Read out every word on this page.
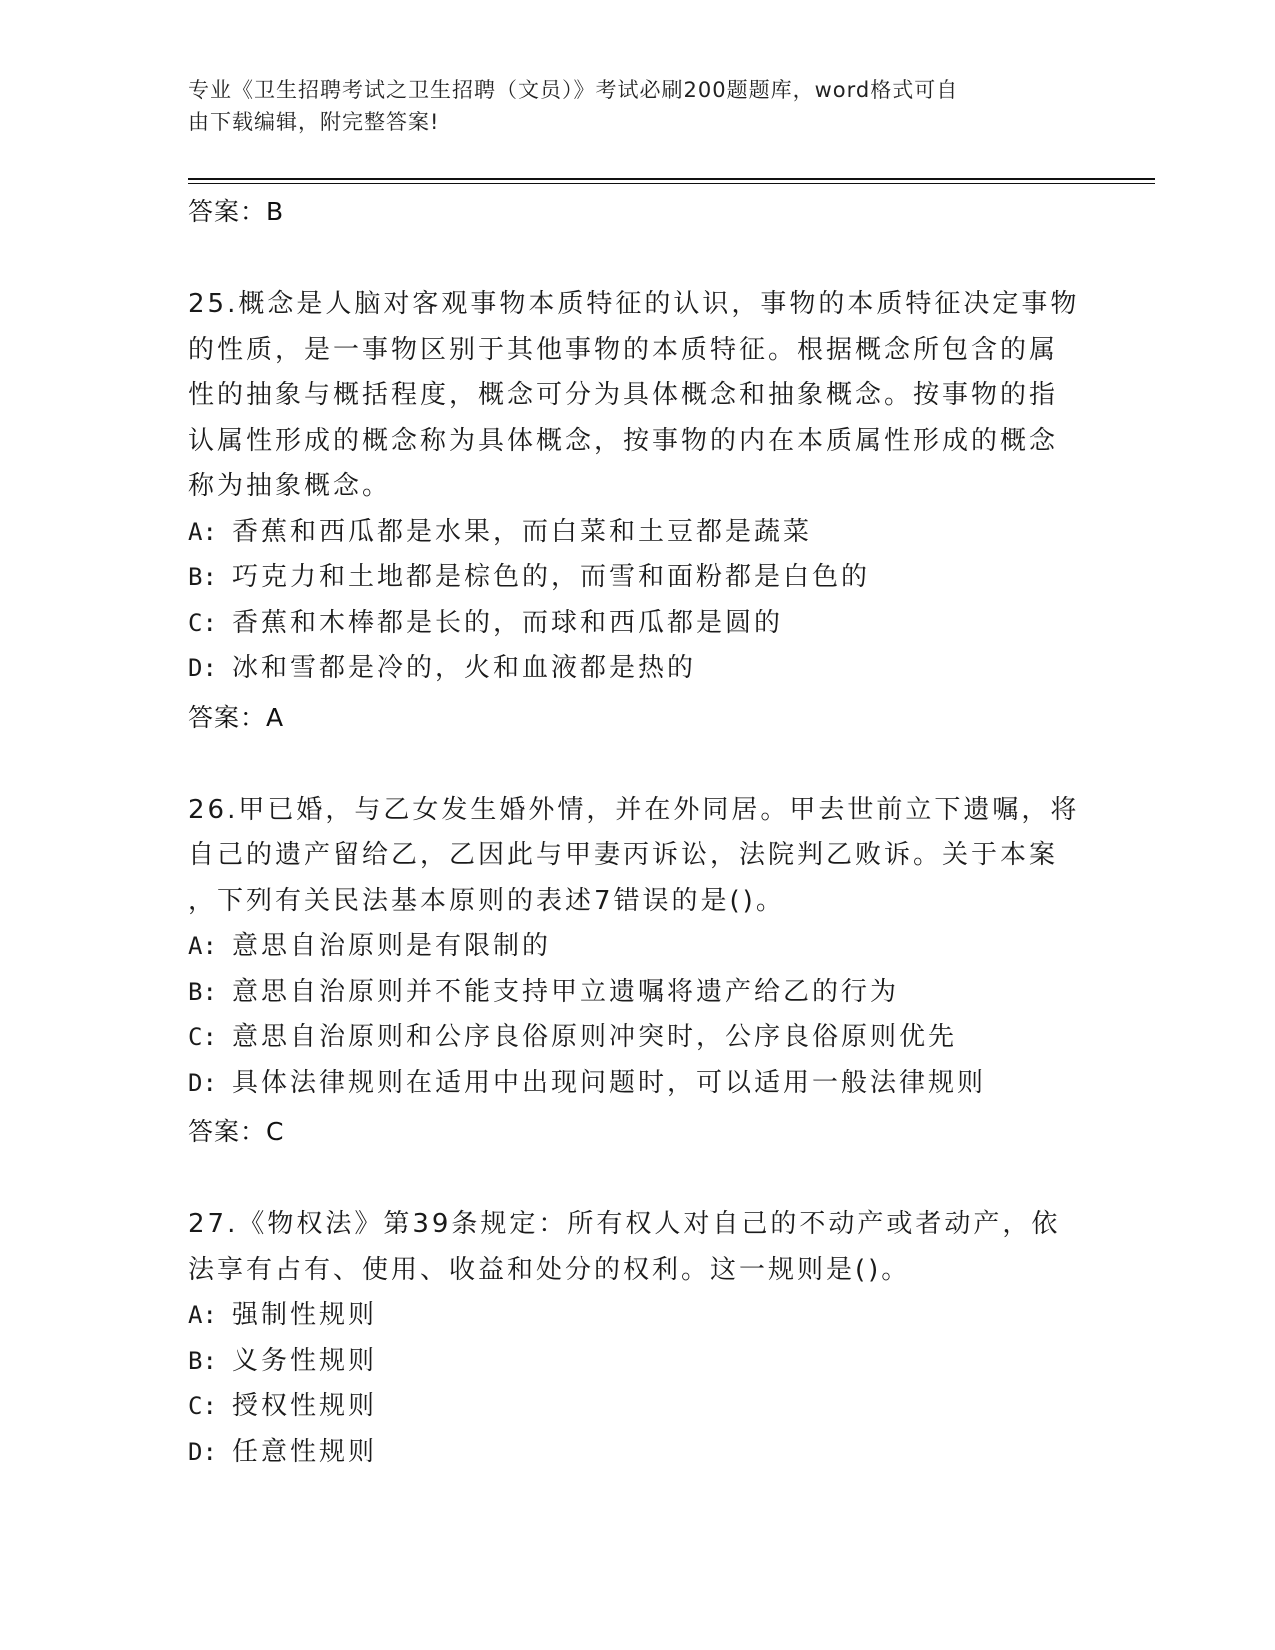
专业《卫生招聘考试之卫生招聘（文员）》考试必刷200题题库，word格式可自
由下载编辑，附完整答案!
答案：B
25.概念是人脑对客观事物本质特征的认识，事物的本质特征决定事物
的性质，是一事物区别于其他事物的本质特征。根据概念所包含的属
性的抽象与概括程度，概念可分为具体概念和抽象概念。按事物的指
认属性形成的概念称为具体概念，按事物的内在本质属性形成的概念
称为抽象概念。
A: 香蕉和西瓜都是水果，而白菜和土豆都是蔬菜
B: 巧克力和土地都是棕色的，而雪和面粉都是白色的
C: 香蕉和木棒都是长的，而球和西瓜都是圆的
D: 冰和雪都是冷的，火和血液都是热的
答案：A
26.甲已婚，与乙女发生婚外情，并在外同居。甲去世前立下遗嘱，将
自己的遗产留给乙，乙因此与甲妻丙诉讼，法院判乙败诉。关于本案
，下列有关民法基本原则的表述7错误的是()。
A: 意思自治原则是有限制的
B: 意思自治原则并不能支持甲立遗嘱将遗产给乙的行为
C: 意思自治原则和公序良俗原则冲突时，公序良俗原则优先
D: 具体法律规则在适用中出现问题时，可以适用一般法律规则
答案：C
27.《物权法》第39条规定：所有权人对自己的不动产或者动产，依
法享有占有、使用、收益和处分的权利。这一规则是()。
A: 强制性规则
B: 义务性规则
C: 授权性规则
D: 任意性规则
